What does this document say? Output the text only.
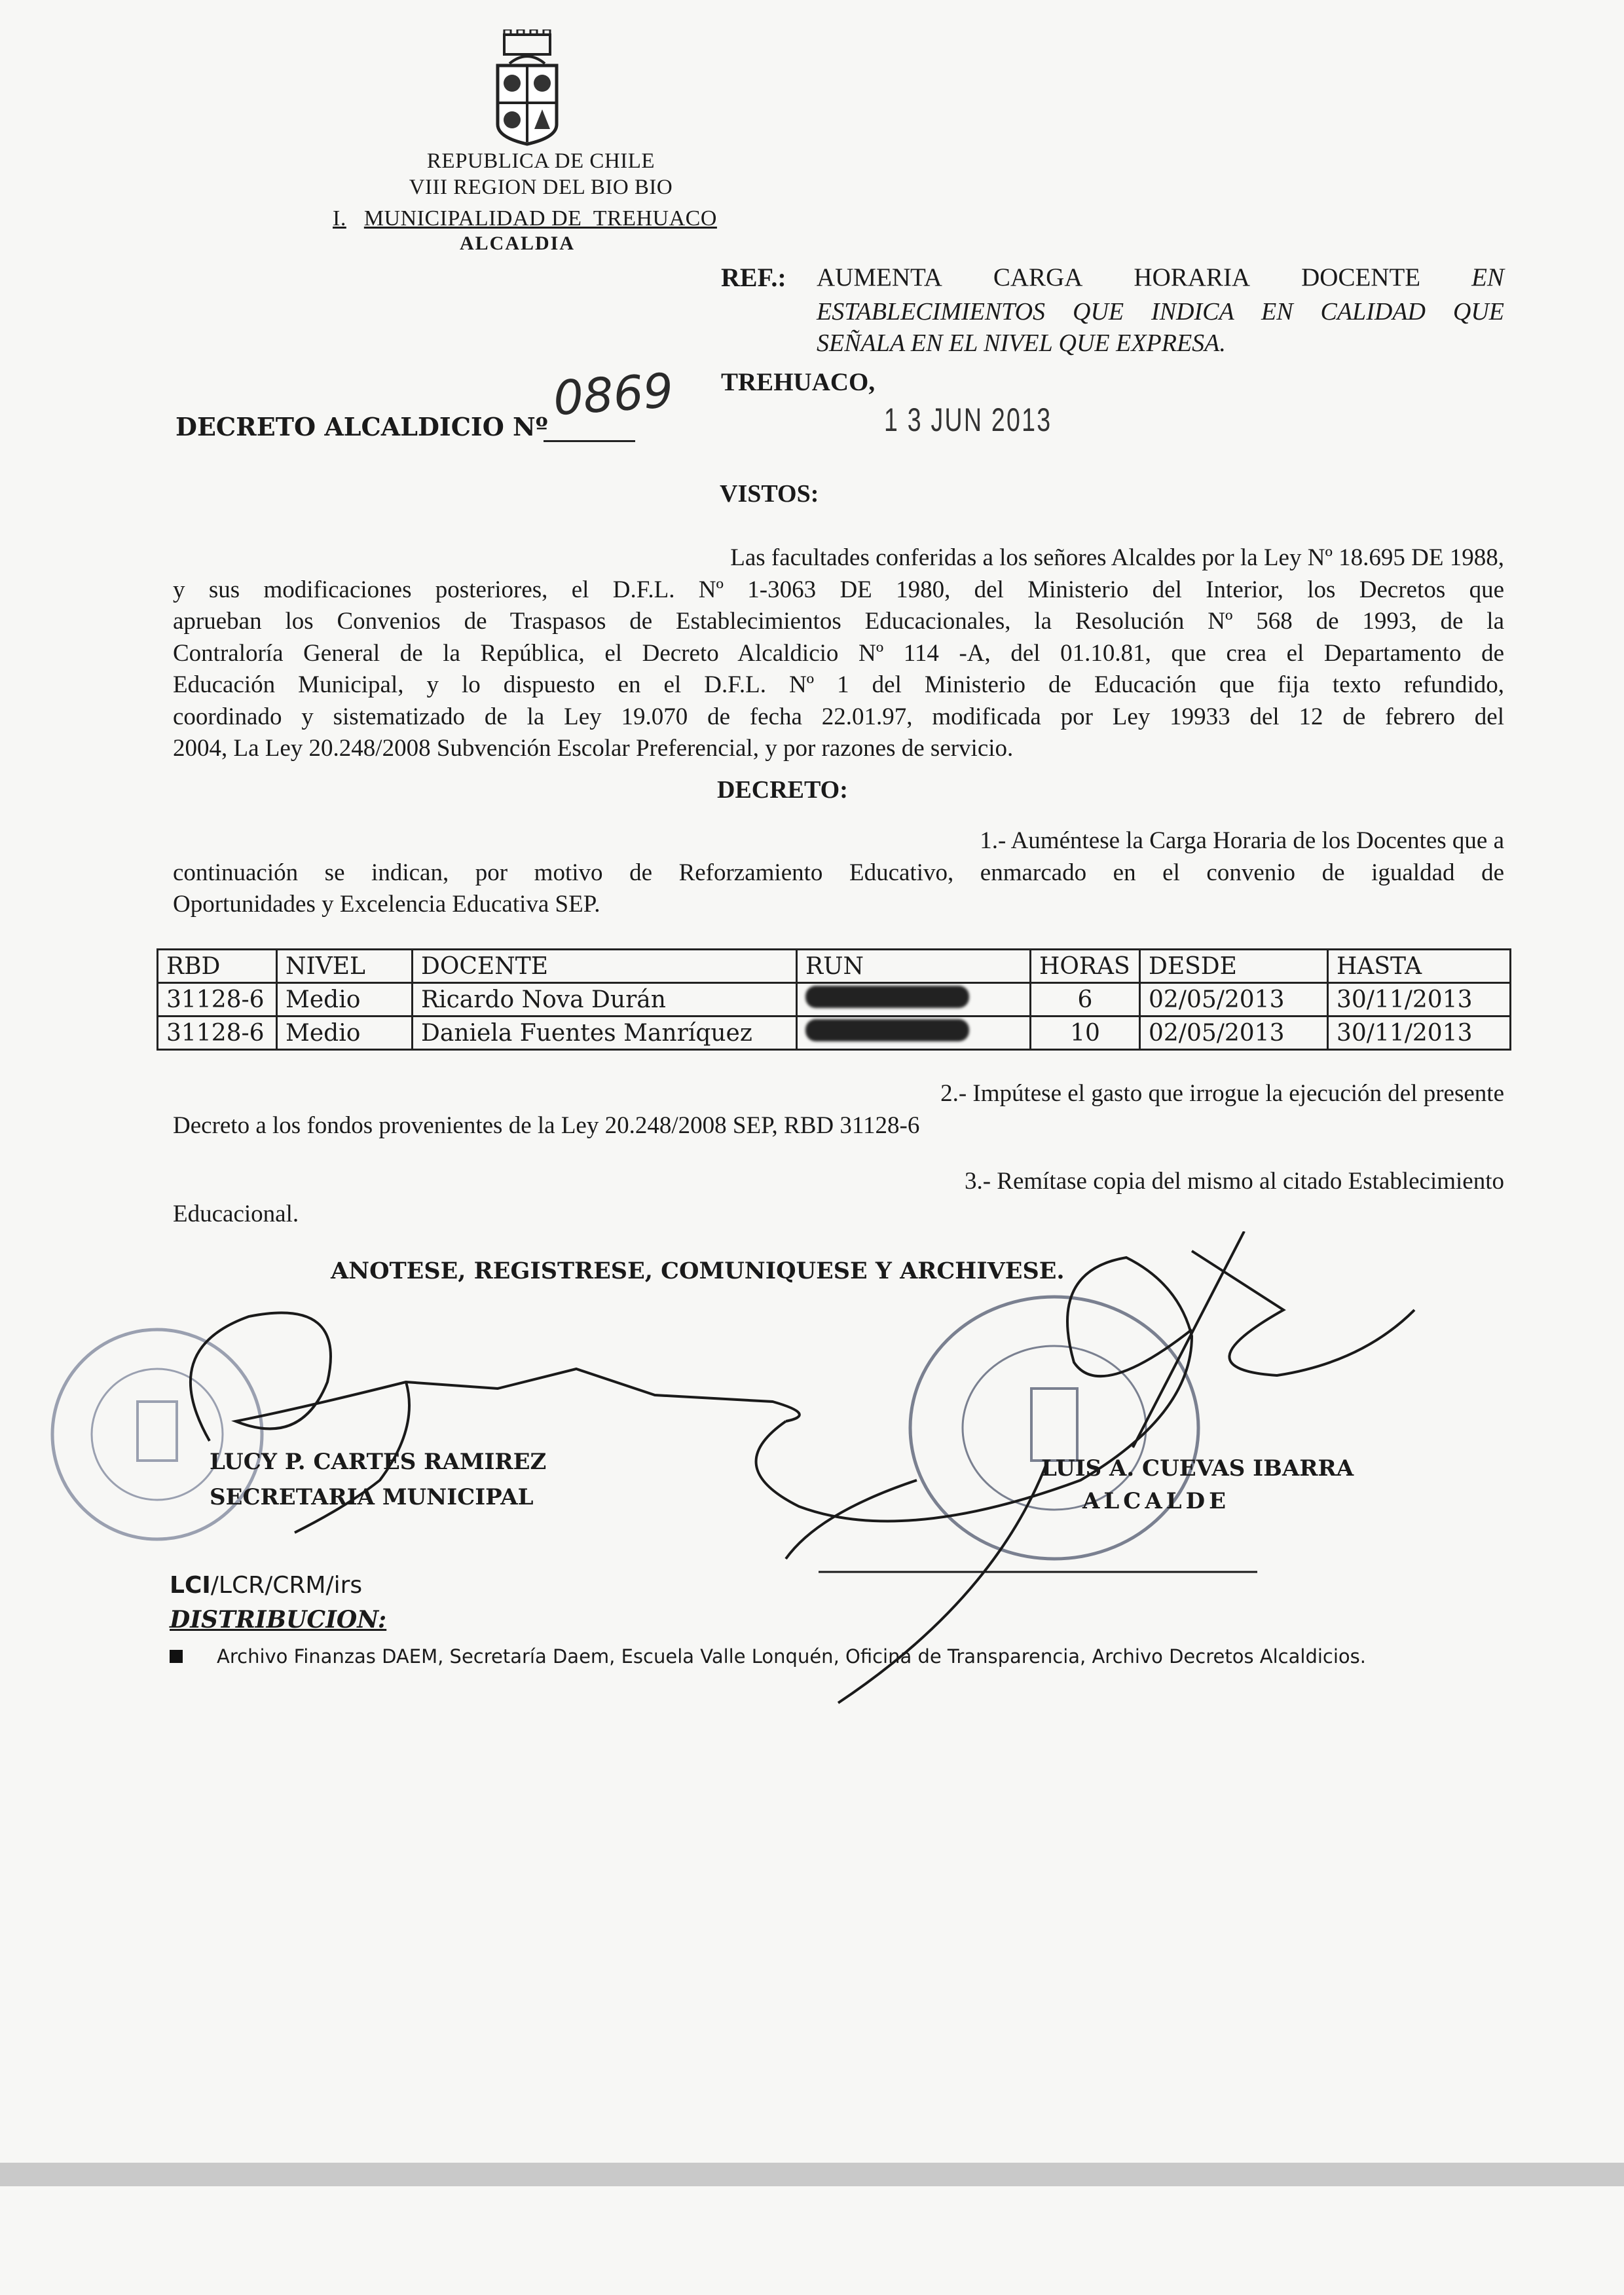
REPUBLICA DE CHILE
VIII REGION DEL BIO BIO
I. MUNICIPALIDAD DE  TREHUACO
ALCALDIA
REF.: AUMENTA CARGA HORARIA DOCENTE EN
ESTABLECIMIENTOS QUE INDICA EN CALIDAD QUE
SEÑALA EN EL NIVEL QUE EXPRESA.
TREHUACO,
1 3 JUN 2013
DECRETO ALCALDICIO Nº
0869
VISTOS:
Las facultades conferidas a los señores Alcaldes por la Ley Nº 18.695 DE 1988,
y sus modificaciones posteriores, el D.F.L. Nº 1-3063 DE 1980, del Ministerio del Interior, los Decretos que
aprueban los Convenios de Traspasos de Establecimientos Educacionales, la Resolución Nº 568 de 1993, de la
Contraloría General de la República, el Decreto Alcaldicio Nº 114 -A, del 01.10.81, que crea el Departamento de
Educación Municipal, y lo dispuesto en el D.F.L. Nº 1 del Ministerio de Educación que fija texto refundido,
coordinado y sistematizado de la Ley 19.070 de fecha 22.01.97, modificada por Ley 19933 del 12 de febrero del
2004, La Ley 20.248/2008 Subvención Escolar Preferencial, y por razones de servicio.
DECRETO:
1.- Auméntese la Carga Horaria de los Docentes que a
continuación se indican, por motivo de Reforzamiento Educativo, enmarcado en el convenio de igualdad de
Oportunidades y Excelencia Educativa SEP.
RBD	NIVEL	DOCENTE	RUN	HORAS	DESDE	HASTA
31128-6	Medio	Ricardo Nova Durán		6	02/05/2013	30/11/2013
31128-6	Medio	Daniela Fuentes Manríquez		10	02/05/2013	30/11/2013
2.- Impútese el gasto que irrogue la ejecución del presente
Decreto a los fondos provenientes de la Ley 20.248/2008 SEP, RBD 31128-6
3.- Remítase copia del mismo al citado Establecimiento
Educacional.
ANOTESE, REGISTRESE, COMUNIQUESE Y ARCHIVESE.
LUCY P. CARTES RAMIREZ
SECRETARIA MUNICIPAL
LUIS A. CUEVAS IBARRA
ALCALDE
LCI/LCR/CRM/irs
DISTRIBUCION:
Archivo Finanzas DAEM, Secretaría Daem, Escuela Valle Lonquén, Oficina de Transparencia, Archivo Decretos Alcaldicios.
